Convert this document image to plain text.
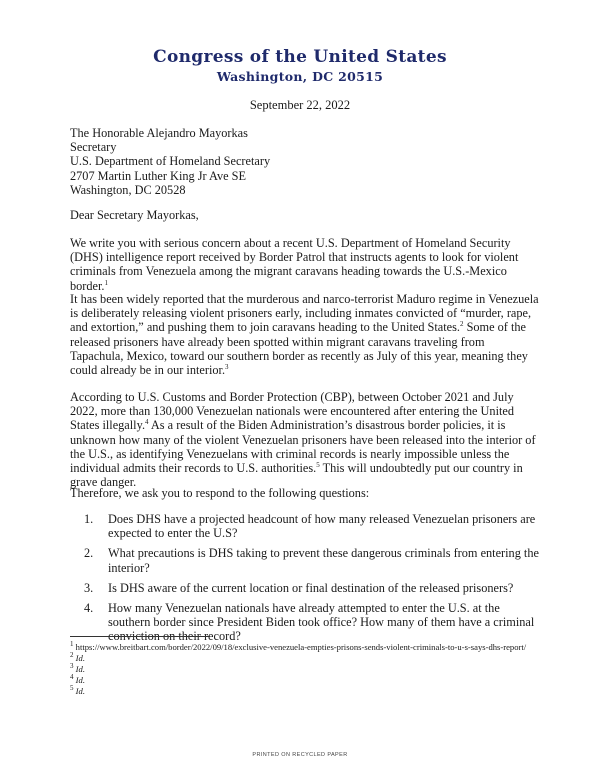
Congress of the United States
Washington, DC 20515
September 22, 2022
The Honorable Alejandro Mayorkas
Secretary
U.S. Department of Homeland Secretary
2707 Martin Luther King Jr Ave SE
Washington, DC 20528
Dear Secretary Mayorkas,
We write you with serious concern about a recent U.S. Department of Homeland Security (DHS) intelligence report received by Border Patrol that instructs agents to look for violent criminals from Venezuela among the migrant caravans heading towards the U.S.-Mexico border.$^1$
It has been widely reported that the murderous and narco-terrorist Maduro regime in Venezuela is deliberately releasing violent prisoners early, including inmates convicted of “murder, rape, and extortion,” and pushing them to join caravans heading to the United States.$^2$ Some of the released prisoners have already been spotted within migrant caravans traveling from Tapachula, Mexico, toward our southern border as recently as July of this year, meaning they could already be in our interior.$^3$
According to U.S. Customs and Border Protection (CBP), between October 2021 and July 2022, more than 130,000 Venezuelan nationals were encountered after entering the United States illegally.$^4$ As a result of the Biden Administration’s disastrous border policies, it is unknown how many of the violent Venezuelan prisoners have been released into the interior of the U.S., as identifying Venezuelans with criminal records is nearly impossible unless the individual admits their records to U.S. authorities.$^5$ This will undoubtedly put our country in grave danger.
Therefore, we ask you to respond to the following questions:
1. Does DHS have a projected headcount of how many released Venezuelan prisoners are expected to enter the U.S?
2. What precautions is DHS taking to prevent these dangerous criminals from entering the interior?
3. Is DHS aware of the current location or final destination of the released prisoners?
4. How many Venezuelan nationals have already attempted to enter the U.S. at the southern border since President Biden took office? How many of them have a criminal conviction on their record?
$^1$ https://www.breitbart.com/border/2022/09/18/exclusive-venezuela-empties-prisons-sends-violent-criminals-to-u-s-says-dhs-report/
$^2$ Id.
$^3$ Id.
$^4$ Id.
$^5$ Id.
PRINTED ON RECYCLED PAPER
